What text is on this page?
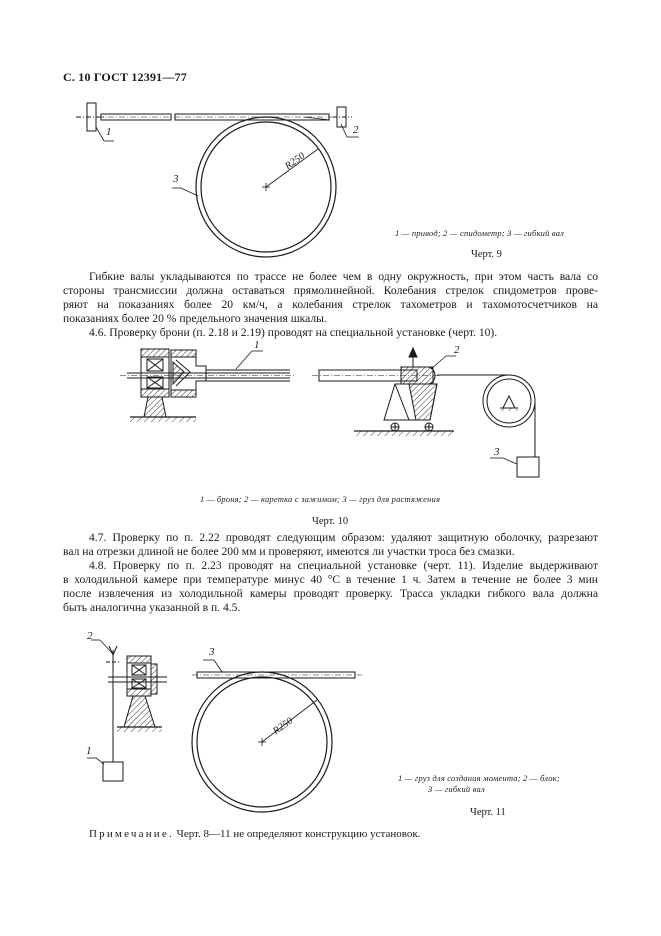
С. 10 ГОСТ 12391—77
1	2
3
R250
1 — привод; 2 — спидометр; 3 — гибкий вал
Черт. 9
Гибкие валы укладываются по трассе не более чем в одну окружность, при этом часть вала со
стороны трансмиссии должна оставаться прямолинейной. Колебания стрелок спидометров прове-
ряют на показаниях более 20 км/ч, а колебания стрелок тахометров и тахомотосчетчиков на
показаниях более 20 % предельного значения шкалы.
4.6. Проверку брони (п. 2.18 и 2.19) проводят на специальной установке (черт. 10).
1	2
3
1 — броня; 2 — каретка с зажимом; 3 — груз для растяжения
Черт. 10
4.7. Проверку по п. 2.22 проводят следующим образом: удаляют защитную оболочку, разрезают
вал на отрезки длиной не более 200 мм и проверяют, имеются ли участки троса без смазки.
4.8. Проверку по п. 2.23 проводят на специальной установке (черт. 11). Изделие выдерживают
в холодильной камере при температуре минус 40 °С в течение 1 ч. Затем в течение не более 3 мин
после извлечения из холодильной камеры проводят проверку. Трасса укладки гибкого вала должна
быть аналогична указанной в п. 4.5.
2
1
3
R250
1 — груз для создания момента; 2 — блок;
3 — гибкий вал
Черт. 11
Примечание. Черт. 8—11 не определяют конструкцию установок.
